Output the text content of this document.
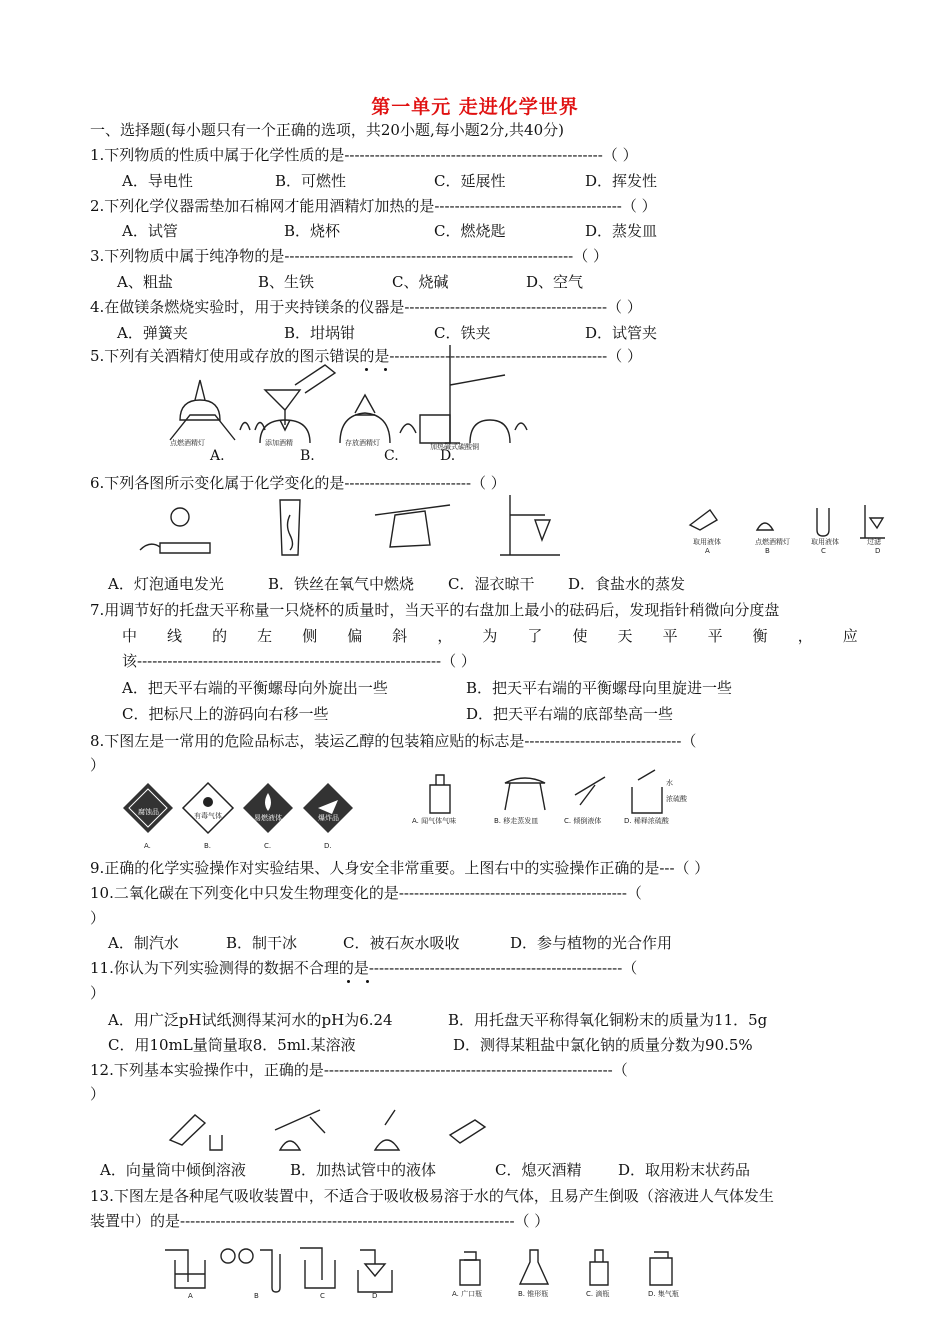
第一单元 走进化学世界
一、选择题(每小题只有一个正确的选项，共20小题,每小题2分,共40分)
1.下列物质的性质中属于化学性质的是---------------------------------------------------（ ）
A．导电性	B．可燃性	C．延展性	D．挥发性
2.下列化学仪器需垫加石棉网才能用酒精灯加热的是-------------------------------------（ ）
A．试管	B．烧杯	C．燃烧匙	D．蒸发皿
3.下列物质中属于纯净物的是---------------------------------------------------------（ ）
A、粗盐	B、生铁	C、烧碱	D、空气
4.在做镁条燃烧实验时，用于夹持镁条的仪器是----------------------------------------（ ）
A．弹簧夹	B．坩埚钳	C．铁夹	D．试管夹
5.下列有关酒精灯使用或存放的图示错误的是-------------------------------------------（ ）
点燃酒精灯	添加酒精	存放酒精灯	加热碱式碳酸铜
A.	B.	C.	D.
6.下列各图所示变化属于化学变化的是-------------------------（ ）
取用液体	点燃酒精灯	取用液体	过滤
A	B	C	D
A．灯泡通电发光	B．铁丝在氧气中燃烧 C．湿衣晾干 D．食盐水的蒸发
7.用调节好的托盘天平称量一只烧杯的质量时，当天平的右盘加上最小的砝码后，发现指针稍微向分度盘
中 线 的 左 侧 偏 斜 ， 为 了 使 天 平 平 衡 ， 应
该------------------------------------------------------------（ ）
A．把天平右端的平衡螺母向外旋出一些	B．把天平右端的平衡螺母向里旋进一些
C．把标尺上的游码向右移一些	D．把天平右端的底部垫高一些
8.下图左是一常用的危险品标志，装运乙醇的包装箱应贴的标志是-------------------------------（
）
腐蚀品	有毒气体	易燃液体	爆炸品
A.	B.	C.	D.
水
浓硫酸
A. 闻气体气味	B. 移走蒸发皿	C. 倾倒液体	D. 稀释浓硫酸
9.正确的化学实验操作对实验结果、人身安全非常重要。上图右中的实验操作正确的是---（ ）
10.二氧化碳在下列变化中只发生物理变化的是---------------------------------------------（
）
A．制汽水	B．制干冰	C．被石灰水吸收	D．参与植物的光合作用
11.你认为下列实验测得的数据不合理的是--------------------------------------------------（
）
A．用广泛pH试纸测得某河水的pH为6.24	B．用托盘天平称得氧化铜粉末的质量为11．5g
C．用10mL量筒量取8．5ml.某溶液	D．测得某粗盐中氯化钠的质量分数为90.5%
12.下列基本实验操作中，正确的是---------------------------------------------------------（
）
A．向量筒中倾倒溶液	B．加热试管中的液体	C．熄灭酒精 D．取用粉末状药品
13.下图左是各种尾气吸收装置中，不适合于吸收极易溶于水的气体，且易产生倒吸（溶液进人气体发生
装置中）的是------------------------------------------------------------------（ ）
A	B	C	D	A. 广口瓶	B. 锥形瓶	C. 滴瓶	D. 集气瓶
